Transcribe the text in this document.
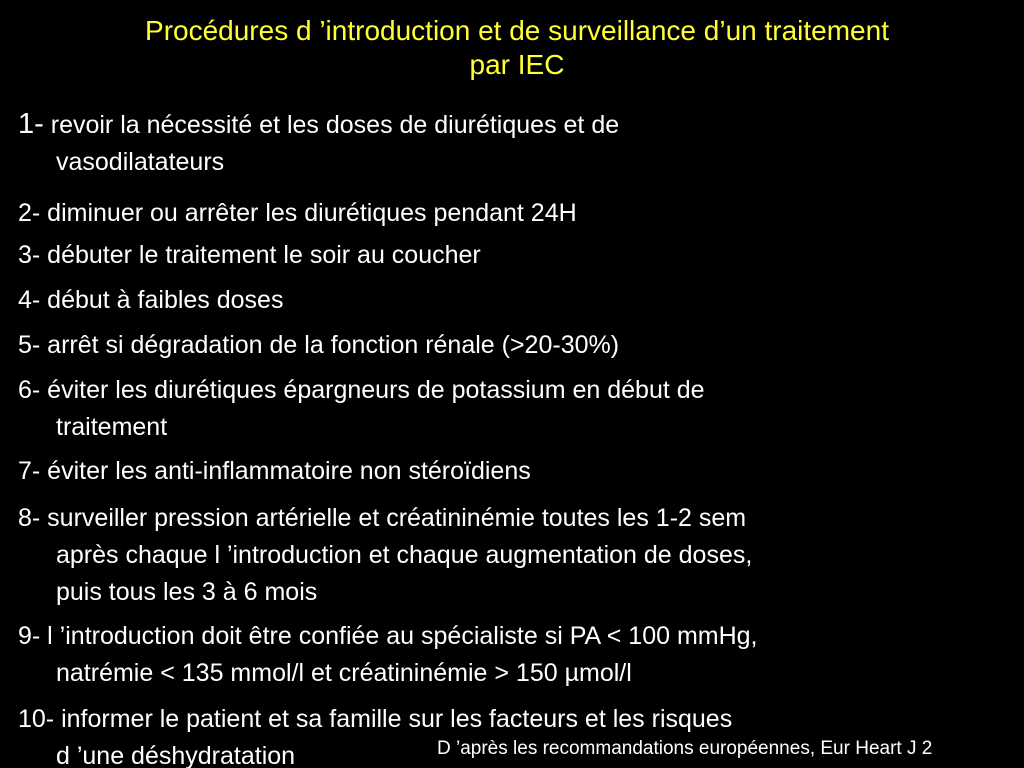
Procédures d ’introduction et de surveillance d’un traitement
par IEC
1- revoir la nécessité et les doses de diurétiques et de
vasodilatateurs
2- diminuer ou arrêter les diurétiques pendant 24H
3- débuter le traitement le soir au coucher
4- début à faibles doses
5- arrêt si dégradation de la fonction rénale (>20-30%)
6- éviter les diurétiques épargneurs de potassium en début de
traitement
7- éviter les anti-inflammatoire non stéroïdiens
8- surveiller pression artérielle et créatininémie toutes les 1-2 sem
après chaque l ’introduction et chaque augmentation de doses,
puis tous les 3 à 6 mois
9- l ’introduction doit être confiée au spécialiste si PA < 100 mmHg,
natrémie < 135 mmol/l et créatininémie > 150 µmol/l
10- informer le patient et sa famille sur les facteurs et les risques
d ’une déshydratation	D ’après les recommandations européennes, Eur Heart J 2
